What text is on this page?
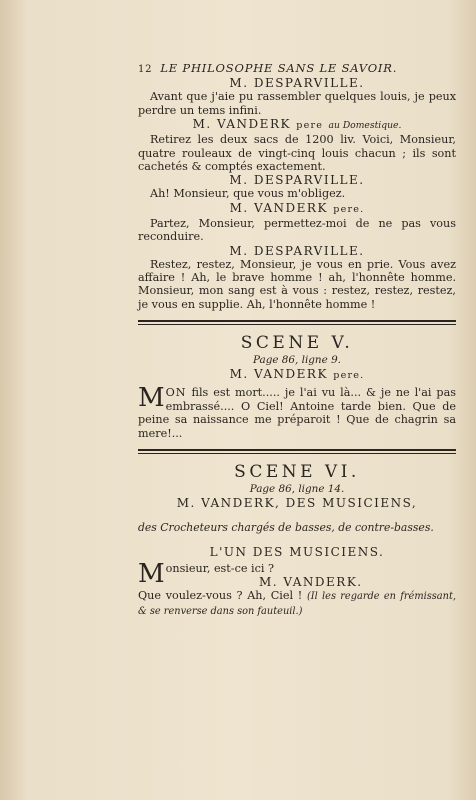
12 LE PHILOSOPHE SANS LE SAVOIR.
M. DESPARVILLE.

Avant que j'aie pu rassembler quelques louis, je peux perdre un tems infini.

M. VANDERK pere au Domestique.

Retirez les deux sacs de 1200 liv. Voici, Monsieur, quatre rouleaux de vingt-cinq louis chacun ; ils sont cachetés & comptés exactement.

M. DESPARVILLE.

Ah! Monsieur, que vous m'obligez.

M. VANDERK pere.

Partez, Monsieur, permettez-moi de ne pas vous reconduire.

M. DESPARVILLE.

Restez, restez, Monsieur, je vous en prie. Vous avez affaire ! Ah, le brave homme ! ah, l'honnête homme. Monsieur, mon sang est à vous : restez, restez, restez, je vous en supplie. Ah, l'honnête homme !

SCENE V.
Page 86, ligne 9.
M. VANDERK pere.

MON fils est mort..... je l'ai vu là... & je ne l'ai pas embrassé.... O Ciel! Antoine tarde bien. Que de peine sa naissance me préparoit ! Que de chagrin sa mere!...

SCENE VI.
Page 86, ligne 14.
M. VANDERK, DES MUSICIENS,

des Crocheteurs chargés de basses, de contre-basses.

L'UN DES MUSICIENS.

Monsieur, est-ce ici ?

M. VANDERK.

Que voulez-vous ? Ah, Ciel ! (Il les regarde en frémissant, & se renverse dans son fauteuil.)
